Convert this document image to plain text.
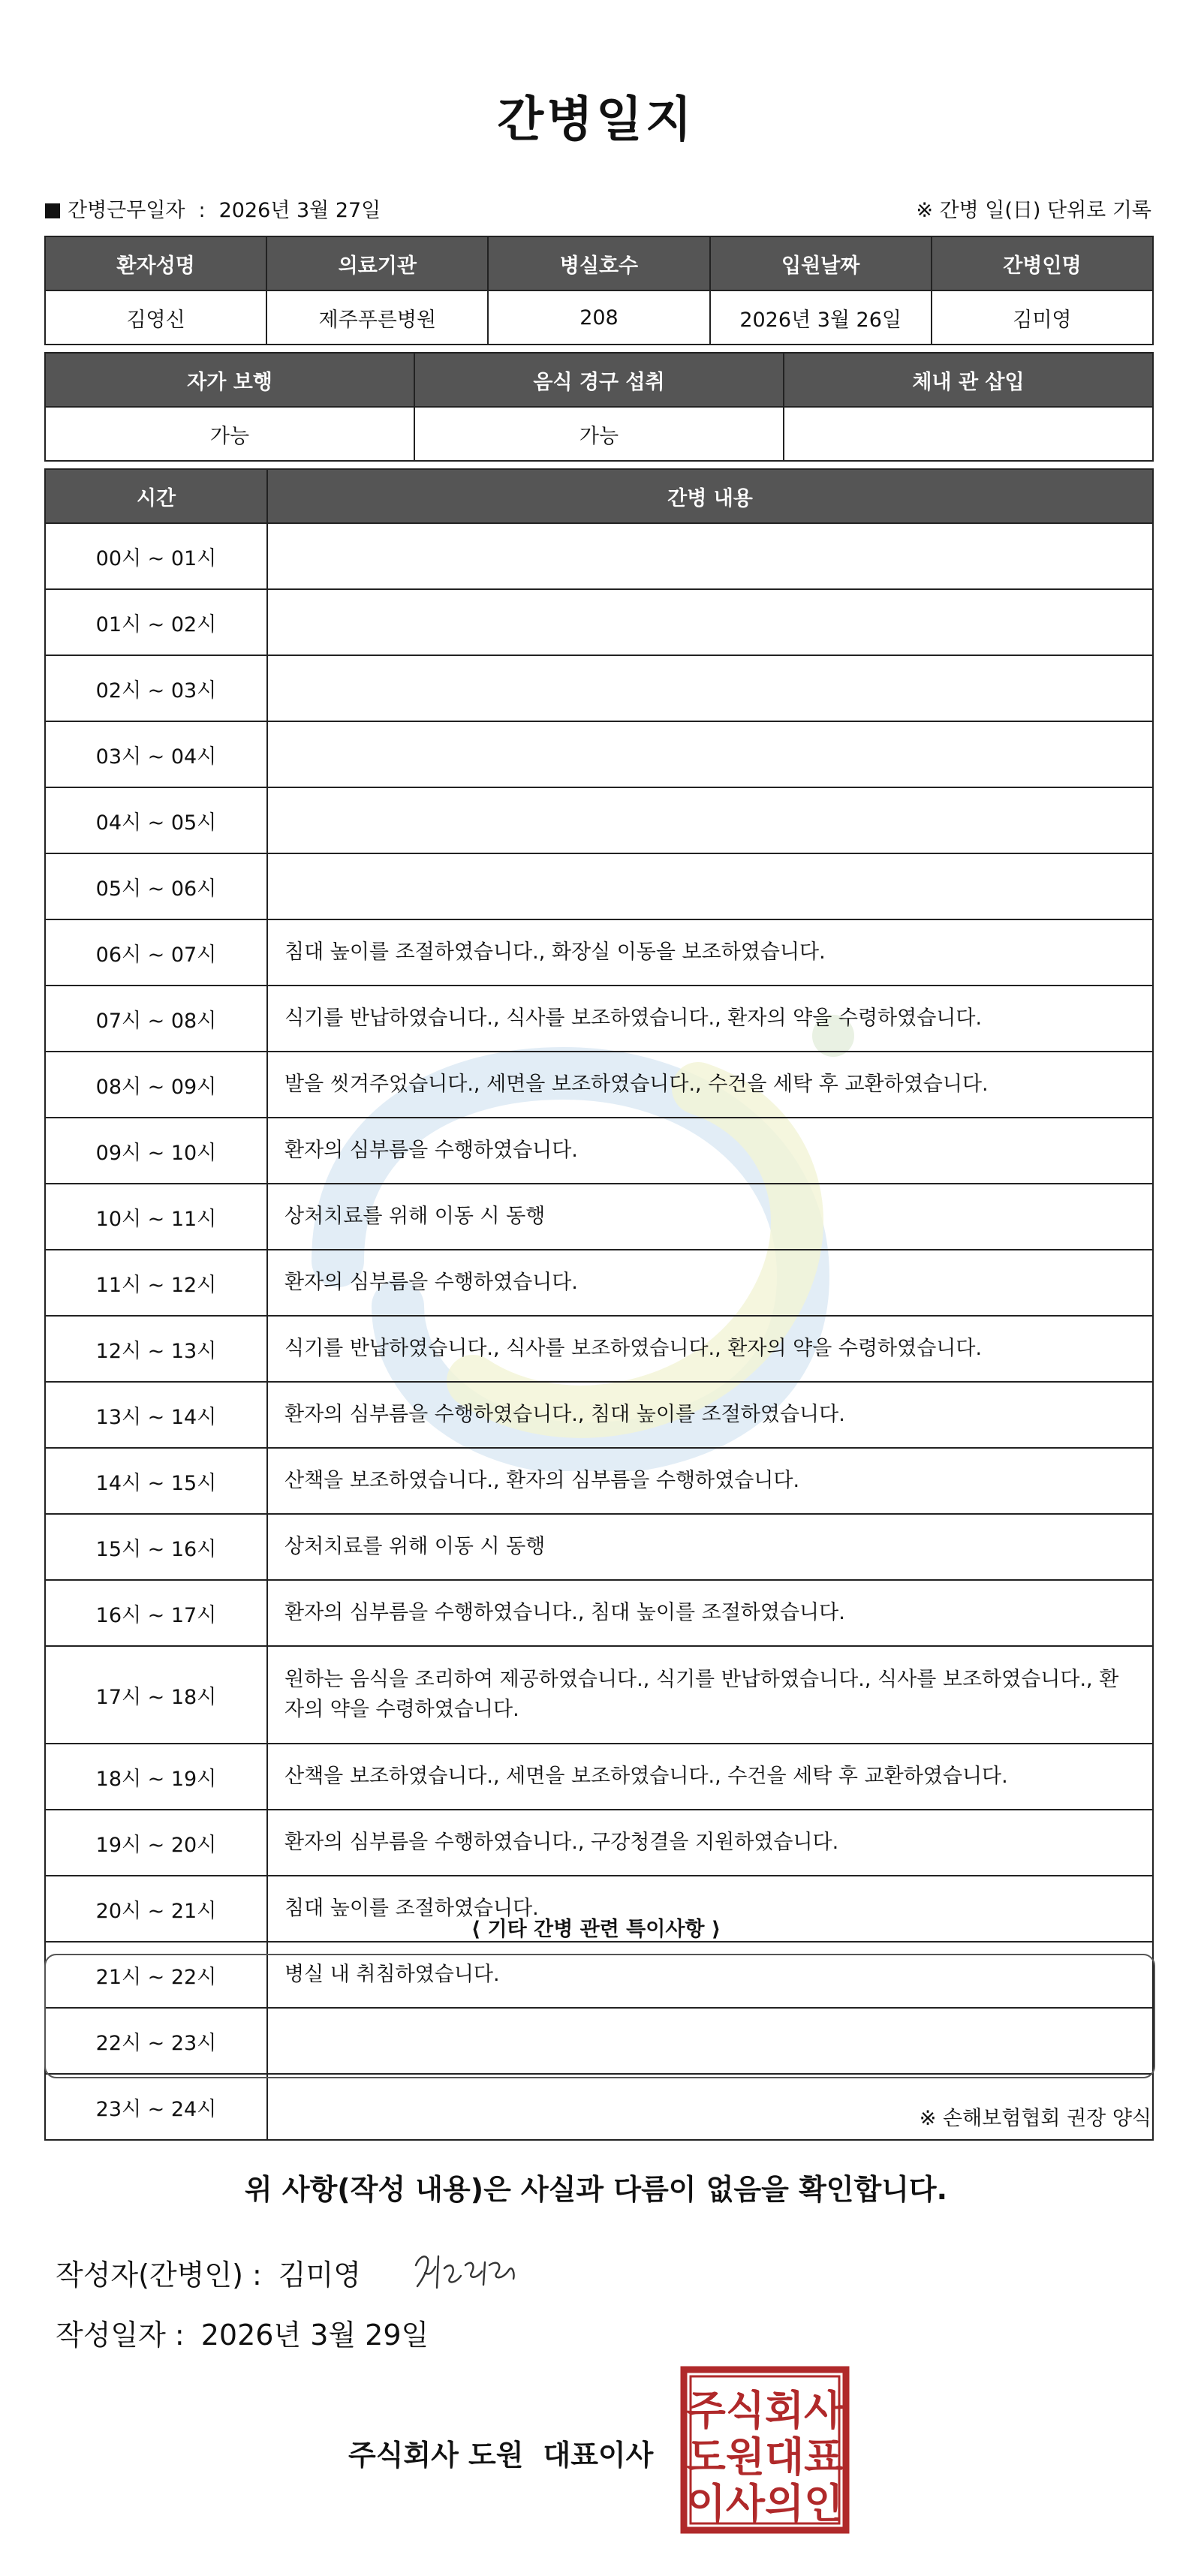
간병일지
간병근무일자 : 2026년 3월 27일	※ 간병 일(日) 단위로 기록
환자성명	의료기관	병실호수	입원날짜	간병인명
김영신	제주푸른병원	208	2026년 3월 26일	김미영
자가 보행	음식 경구 섭취	체내 관 삽입
가능	가능	
시간	간병 내용
00시 ~ 01시	
01시 ~ 02시	
02시 ~ 03시	
03시 ~ 04시	
04시 ~ 05시	
05시 ~ 06시	
06시 ~ 07시	침대 높이를 조절하였습니다., 화장실 이동을 보조하였습니다.
07시 ~ 08시	식기를 반납하였습니다., 식사를 보조하였습니다., 환자의 약을 수령하였습니다.
08시 ~ 09시	발을 씻겨주었습니다., 세면을 보조하였습니다., 수건을 세탁 후 교환하였습니다.
09시 ~ 10시	환자의 심부름을 수행하였습니다.
10시 ~ 11시	상처치료를 위해 이동 시 동행
11시 ~ 12시	환자의 심부름을 수행하였습니다.
12시 ~ 13시	식기를 반납하였습니다., 식사를 보조하였습니다., 환자의 약을 수령하였습니다.
13시 ~ 14시	환자의 심부름을 수행하였습니다., 침대 높이를 조절하였습니다.
14시 ~ 15시	산책을 보조하였습니다., 환자의 심부름을 수행하였습니다.
15시 ~ 16시	상처치료를 위해 이동 시 동행
16시 ~ 17시	환자의 심부름을 수행하였습니다., 침대 높이를 조절하였습니다.
17시 ~ 18시	원하는 음식을 조리하여 제공하였습니다., 식기를 반납하였습니다., 식사를 보조하였습니다., 환자의 약을 수령하였습니다.
18시 ~ 19시	산책을 보조하였습니다., 세면을 보조하였습니다., 수건을 세탁 후 교환하였습니다.
19시 ~ 20시	환자의 심부름을 수행하였습니다., 구강청결을 지원하였습니다.
20시 ~ 21시	침대 높이를 조절하였습니다.
21시 ~ 22시	병실 내 취침하였습니다.
22시 ~ 23시	
23시 ~ 24시	
⟨ 기타 간병 관련 특이사항 ⟩
※ 손해보험협회 권장 양식
위 사항(작성 내용)은 사실과 다름이 없음을 확인합니다.
작성자(간병인) : 김미영
작성일자 : 2026년 3월 29일
주식회사 도원 대표이사
주식회사
도원대표
이사의인
